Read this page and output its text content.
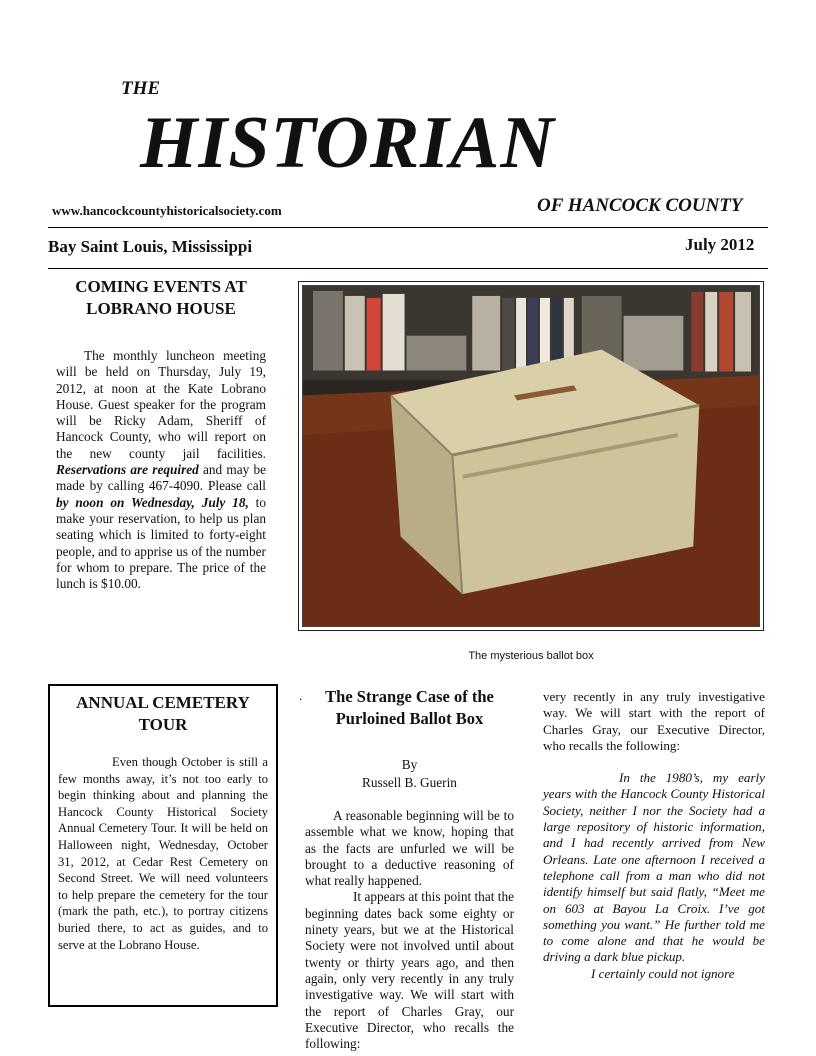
THE
HISTORIAN
www.hancockcountyhistoricalsociety.com	OF HANCOCK COUNTY
Bay Saint Louis, Mississippi	July 2012

COMING EVENTS AT
LOBRANO HOUSE

The monthly luncheon meeting will be held on Thursday, July 19, 2012, at noon at the Kate Lobrano House. Guest speaker for the program will be Ricky Adam, Sheriff of Hancock County, who will report on the new county jail facilities. Reservations are required and may be made by calling 467-4090. Please call by noon on Wednesday, July 18, to make your reservation, to help us plan seating which is limited to forty-eight people, and to apprise us of the number for whom to prepare. The price of the lunch is $10.00.

The mysterious ballot box

ANNUAL CEMETERY
TOUR

Even though October is still a few months away, it’s not too early to begin thinking about and planning the Hancock County Historical Society Annual Cemetery Tour. It will be held on Halloween night, Wednesday, October 31, 2012, at Cedar Rest Cemetery on Second Street. We will need volunteers to help prepare the cemetery for the tour (mark the path, etc.), to portray citizens buried there, to act as guides, and to serve at the Lobrano House.

.	The Strange Case of the
Purloined Ballot Box

By
Russell B. Guerin

A reasonable beginning will be to assemble what we know, hoping that as the facts are unfurled we will be brought to a deductive reasoning of what really happened.

It appears at this point that the beginning dates back some eighty or ninety years, but we at the Historical Society were not involved until about twenty or thirty years ago, and then again, only very recently in any truly investigative way. We will start with the report of Charles Gray, our Executive Director, who recalls the following:

very recently in any truly investigative way. We will start with the report of Charles Gray, our Executive Director, who recalls the following:

In the 1980’s, my early years with the Hancock County Historical Society, neither I nor the Society had a large repository of historic information, and I had recently arrived from New Orleans. Late one afternoon I received a telephone call from a man who did not identify himself but said flatly, “Meet me on 603 at Bayou La Croix. I’ve got something you want.” He further told me to come alone and that he would be driving a dark blue pickup.

I certainly could not ignore
